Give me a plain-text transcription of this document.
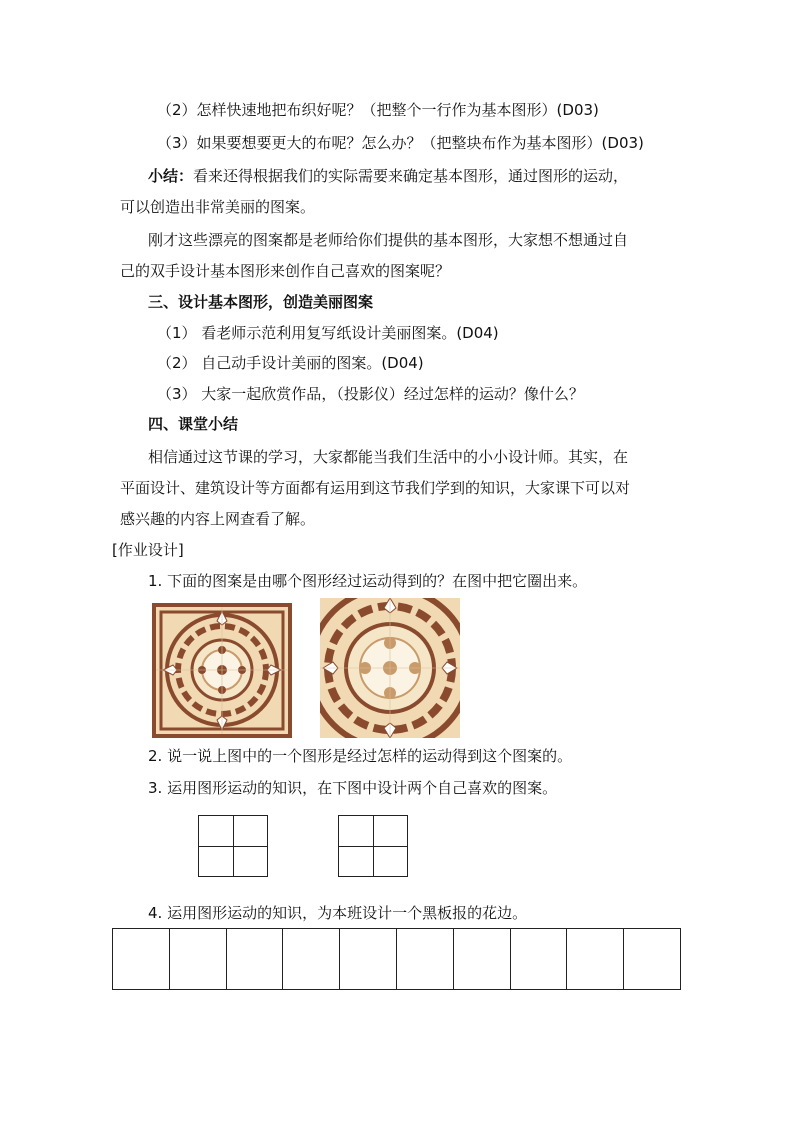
（2）怎样快速地把布织好呢？（把整个一行作为基本图形）(D03)
（3）如果要想要更大的布呢？怎么办？（把整块布作为基本图形）(D03)
小结：看来还得根据我们的实际需要来确定基本图形，通过图形的运动，
可以创造出非常美丽的图案。
刚才这些漂亮的图案都是老师给你们提供的基本图形，大家想不想通过自
己的双手设计基本图形来创作自己喜欢的图案呢？
三、设计基本图形，创造美丽图案
（1） 看老师示范利用复写纸设计美丽图案。(D04)
（2） 自己动手设计美丽的图案。(D04)
（3） 大家一起欣赏作品，（投影仪）经过怎样的运动？像什么？
四、课堂小结
相信通过这节课的学习，大家都能当我们生活中的小小设计师。其实，在
平面设计、建筑设计等方面都有运用到这节我们学到的知识，大家课下可以对
感兴趣的内容上网查看了解。
[作业设计]
1. 下面的图案是由哪个图形经过运动得到的？在图中把它圈出来。
2. 说一说上图中的一个图形是经过怎样的运动得到这个图案的。
3. 运用图形运动的知识，在下图中设计两个自己喜欢的图案。
4. 运用图形运动的知识，为本班设计一个黑板报的花边。
